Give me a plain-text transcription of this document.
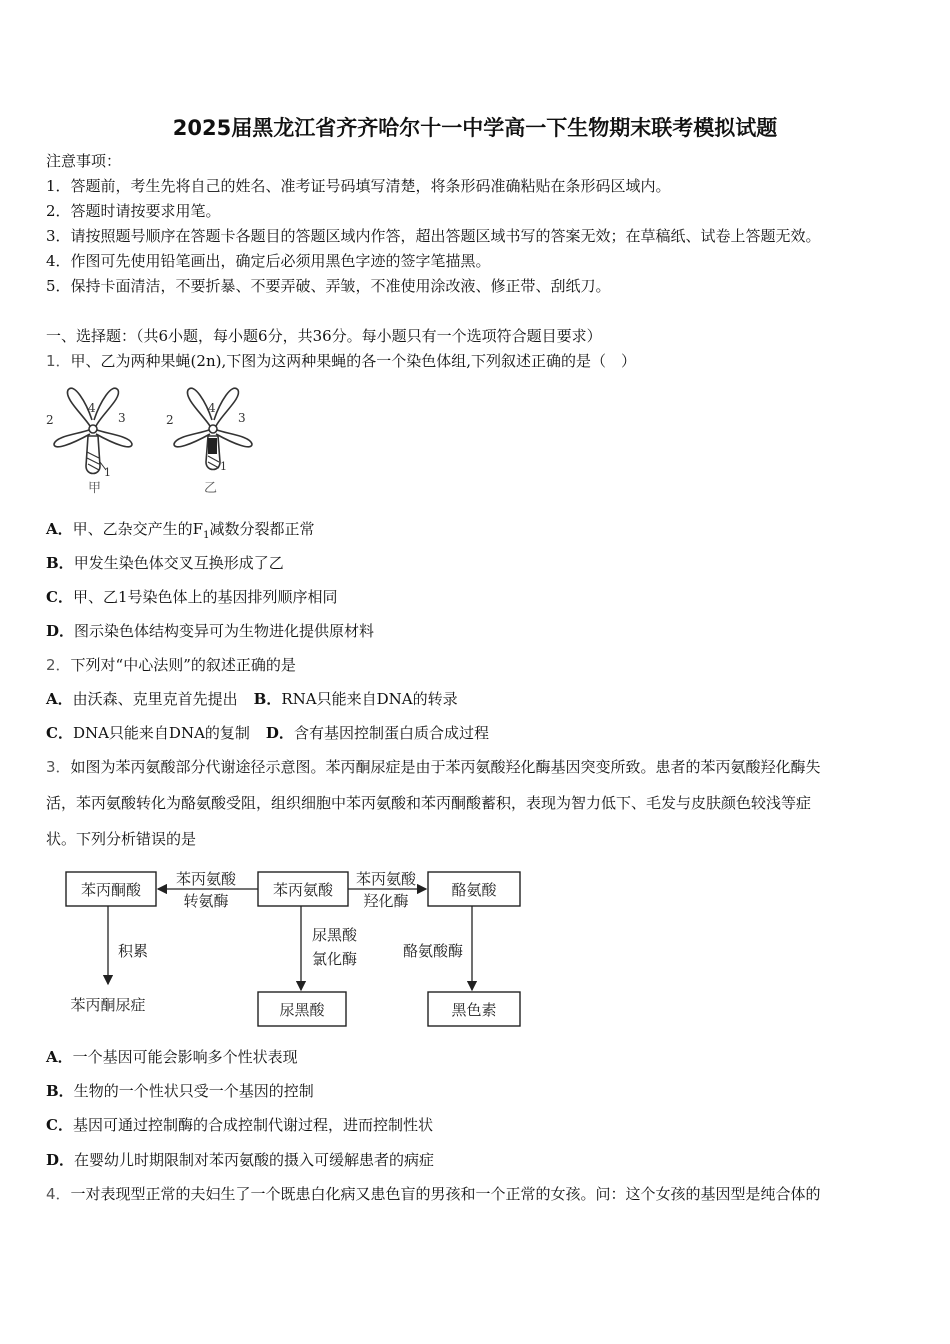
2025届黑龙江省齐齐哈尔十一中学高一下生物期末联考模拟试题
注意事项：
1．答题前，考生先将自己的姓名、准考证号码填写清楚，将条形码准确粘贴在条形码区域内。
2．答题时请按要求用笔。
3．请按照题号顺序在答题卡各题目的答题区域内作答，超出答题区域书写的答案无效；在草稿纸、试卷上答题无效。
4．作图可先使用铅笔画出，确定后必须用黑色字迹的签字笔描黑。
5．保持卡面清洁，不要折暴、不要弄破、弄皱，不准使用涂改液、修正带、刮纸刀。
一、选择题：（共6小题，每小题6分，共36分。每小题只有一个选项符合题目要求）
1．甲、乙为两种果蝇(2n),下图为这两种果蝇的各一个染色体组,下列叙述正确的是（　）
2
4
3
1
甲
2
4
3
1
乙
A．甲、乙杂交产生的$F_1$减数分裂都正常
B．甲发生染色体交叉互换形成了乙
C．甲、乙1号染色体上的基因排列顺序相同
D．图示染色体结构变异可为生物进化提供原材料
2．下列对“中心法则”的叙述正确的是
A．由沃森、克里克首先提出 B．RNA只能来自DNA的转录
C．DNA只能来自DNA的复制 D．含有基因控制蛋白质合成过程
3．如图为苯丙氨酸部分代谢途径示意图。苯丙酮尿症是由于苯丙氨酸羟化酶基因突变所致。患者的苯丙氨酸羟化酶失
活，苯丙氨酸转化为酪氨酸受阻，组织细胞中苯丙氨酸和苯丙酮酸蓄积，表现为智力低下、毛发与皮肤颜色较浅等症
状。下列分析错误的是
苯丙酮酸	苯丙氨酸	酪氨酸
苯丙氨酸
转氨酶
苯丙氨酸
羟化酶
积累
苯丙酮尿症
尿黑酸
氯化酶
尿黑酸
酪氨酸酶
黑色素
A．一个基因可能会影响多个性状表现
B．生物的一个性状只受一个基因的控制
C．基因可通过控制酶的合成控制代谢过程，进而控制性状
D．在婴幼儿时期限制对苯丙氨酸的摄入可缓解患者的病症
4．一对表现型正常的夫妇生了一个既患白化病又患色盲的男孩和一个正常的女孩。问：这个女孩的基因型是纯合体的
